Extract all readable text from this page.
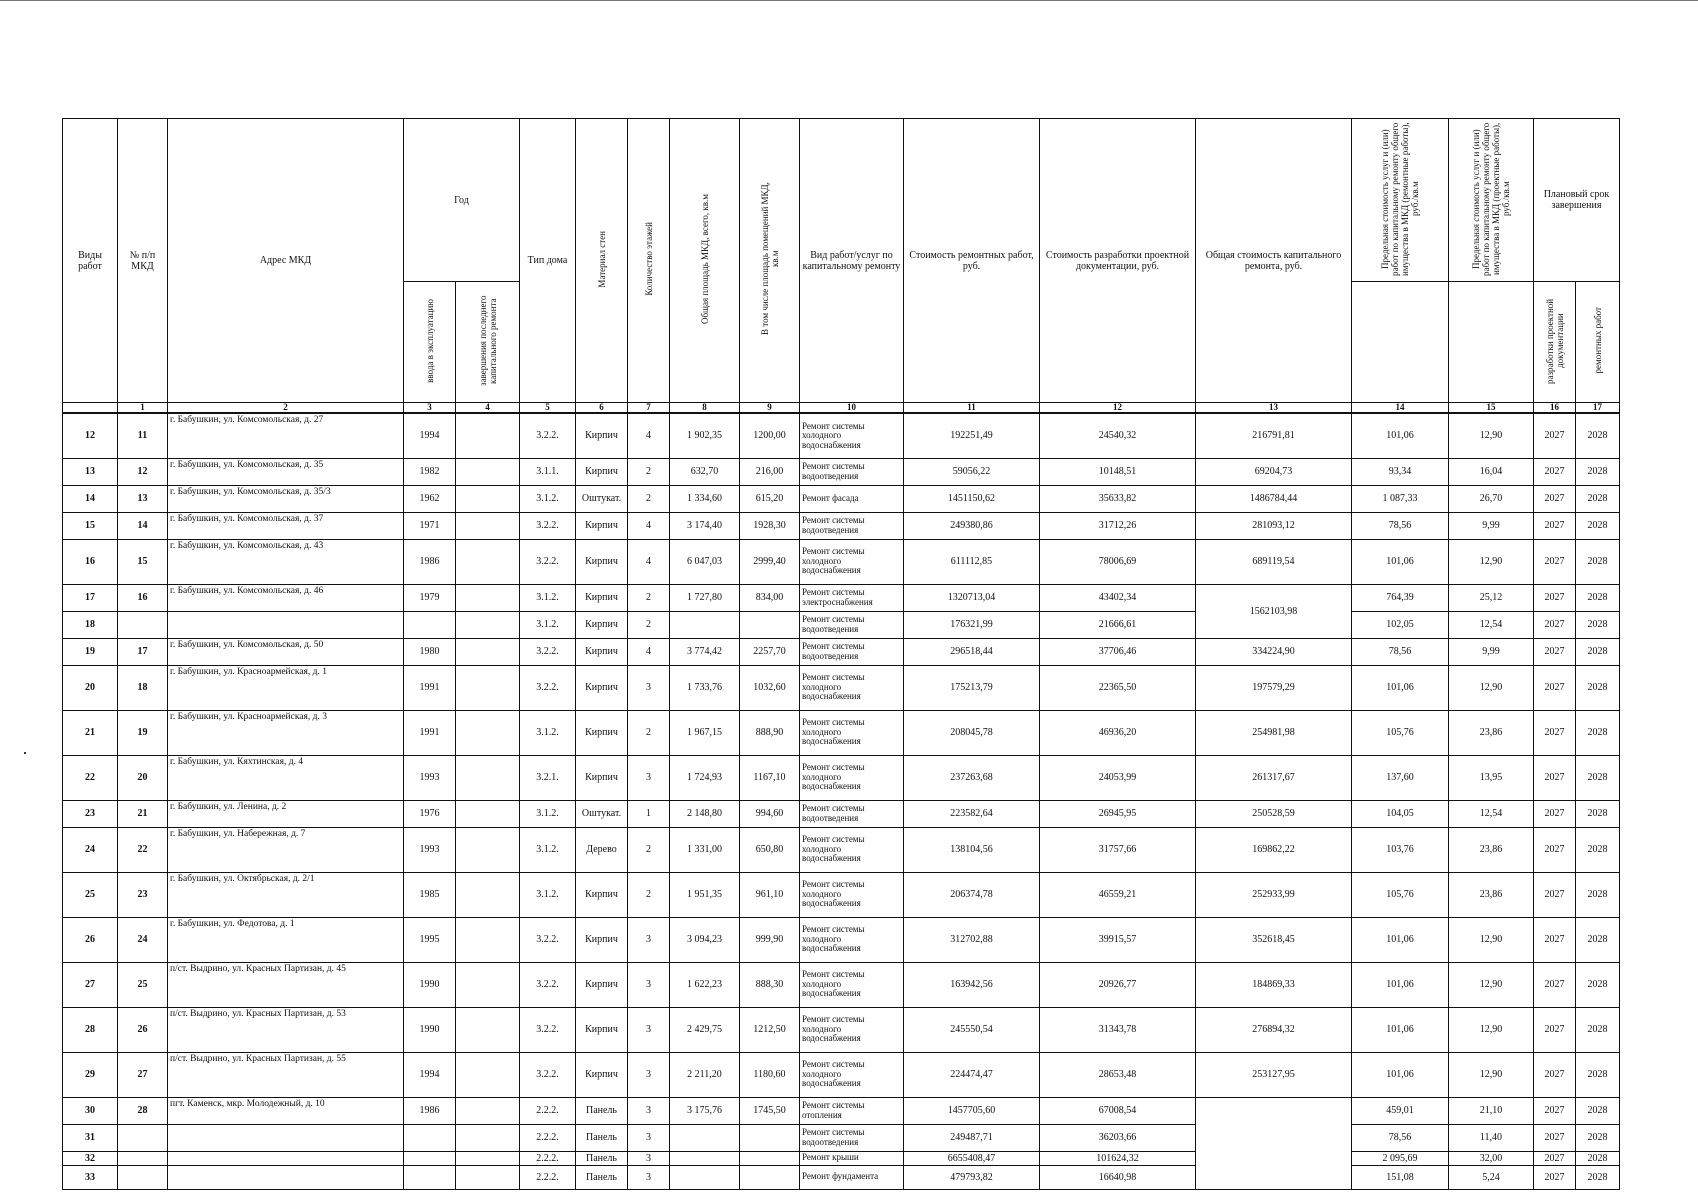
Виды работ	№ п/п МКД	Адрес МКД	Год		Тип дома	Материал стен	Количество этажей	Общая площадь МКД, всего, кв.м	В том числе площадь помещений МКД, кв.м	Вид работ/услуг по капитальному ремонту	Стоимость ремонтных работ, руб.	Стоимость разработки проектной документации, руб.	Общая стоимость капитального ремонта, руб.	Предельная стоимость услуг и (или) работ по капитальному ремонту общего имущества в МКД (ремонтные работы), руб./кв.м	Предельная стоимость услуг и (или) работ по капитальному ремонту общего имущества в МКД (проектные работы), руб./кв.м	Плановый срок завершения	
			ввода в эксплуатацию	завершения последнего капитального ремонта												разработки проектной документации	ремонтных работ
	1	2	3	4	5	6	7	8	9	10	11	12	13	14	15	16	17
12	11	г. Бабушкин, ул. Комсомольская, д. 27	1994		3.2.2.	Кирпич	4	1 902,35	1200,00	Ремонт системы холодного водоснабжения	192251,49	24540,32	216791,81	101,06	12,90	2027	2028
13	12	г. Бабушкин, ул. Комсомольская, д. 35	1982		3.1.1.	Кирпич	2	632,70	216,00	Ремонт системы водоотведения	59056,22	10148,51	69204,73	93,34	16,04	2027	2028
14	13	г. Бабушкин, ул. Комсомольская, д. 35/3	1962		3.1.2.	Оштукат.	2	1 334,60	615,20	Ремонт фасада	1451150,62	35633,82	1486784,44	1 087,33	26,70	2027	2028
15	14	г. Бабушкин, ул. Комсомольская, д. 37	1971		3.2.2.	Кирпич	4	3 174,40	1928,30	Ремонт системы водоотведения	249380,86	31712,26	281093,12	78,56	9,99	2027	2028
16	15	г. Бабушкин, ул. Комсомольская, д. 43	1986		3.2.2.	Кирпич	4	6 047,03	2999,40	Ремонт системы холодного водоснабжения	611112,85	78006,69	689119,54	101,06	12,90	2027	2028
17	16	г. Бабушкин, ул. Комсомольская, д. 46	1979		3.1.2.	Кирпич	2	1 727,80	834,00	Ремонт системы электроснабжения	1320713,04	43402,34	1562103,98	764,39	25,12	2027	2028
18					3.1.2.	Кирпич	2			Ремонт системы водоотведения	176321,99	21666,61		102,05	12,54	2027	2028
19	17	г. Бабушкин, ул. Комсомольская, д. 50	1980		3.2.2.	Кирпич	4	3 774,42	2257,70	Ремонт системы водоотведения	296518,44	37706,46	334224,90	78,56	9,99	2027	2028
20	18	г. Бабушкин, ул. Красноармейская, д. 1	1991		3.2.2.	Кирпич	3	1 733,76	1032,60	Ремонт системы холодного водоснабжения	175213,79	22365,50	197579,29	101,06	12,90	2027	2028
21	19	г. Бабушкин, ул. Красноармейская, д. 3	1991		3.1.2.	Кирпич	2	1 967,15	888,90	Ремонт системы холодного водоснабжения	208045,78	46936,20	254981,98	105,76	23,86	2027	2028
22	20	г. Бабушкин, ул. Кяхтинская, д. 4	1993		3.2.1.	Кирпич	3	1 724,93	1167,10	Ремонт системы холодного водоснабжения	237263,68	24053,99	261317,67	137,60	13,95	2027	2028
23	21	г. Бабушкин, ул. Ленина, д. 2	1976		3.1.2.	Оштукат.	1	2 148,80	994,60	Ремонт системы водоотведения	223582,64	26945,95	250528,59	104,05	12,54	2027	2028
24	22	г. Бабушкин, ул. Набережная, д. 7	1993		3.1.2.	Дерево	2	1 331,00	650,80	Ремонт системы холодного водоснабжения	138104,56	31757,66	169862,22	103,76	23,86	2027	2028
25	23	г. Бабушкин, ул. Октябрьская, д. 2/1	1985		3.1.2.	Кирпич	2	1 951,35	961,10	Ремонт системы холодного водоснабжения	206374,78	46559,21	252933,99	105,76	23,86	2027	2028
26	24	г. Бабушкин, ул. Федотова, д. 1	1995		3.2.2.	Кирпич	3	3 094,23	999,90	Ремонт системы холодного водоснабжения	312702,88	39915,57	352618,45	101,06	12,90	2027	2028
27	25	п/ст. Выдрино, ул. Красных Партизан, д. 45	1990		3.2.2.	Кирпич	3	1 622,23	888,30	Ремонт системы холодного водоснабжения	163942,56	20926,77	184869,33	101,06	12,90	2027	2028
28	26	п/ст. Выдрино, ул. Красных Партизан, д. 53	1990		3.2.2.	Кирпич	3	2 429,75	1212,50	Ремонт системы холодного водоснабжения	245550,54	31343,78	276894,32	101,06	12,90	2027	2028
29	27	п/ст. Выдрино, ул. Красных Партизан, д. 55	1994		3.2.2.	Кирпич	3	2 211,20	1180,60	Ремонт системы холодного водоснабжения	224474,47	28653,48	253127,95	101,06	12,90	2027	2028
30	28	пгт. Каменск, мкр. Молодежный, д. 10	1986		2.2.2.	Панель	3	3 175,76	1745,50	Ремонт системы отопления	1457705,60	67008,54		459,01	21,10	2027	2028
31					2.2.2.	Панель	3			Ремонт системы водоотведения	249487,71	36203,66		78,56	11,40	2027	2028
32					2.2.2.	Панель	3			Ремонт крыши	6655408,47	101624,32		2 095,69	32,00	2027	2028
33					2.2.2.	Панель	3			Ремонт фундамента	479793,82	16640,98		151,08	5,24	2027	2028
